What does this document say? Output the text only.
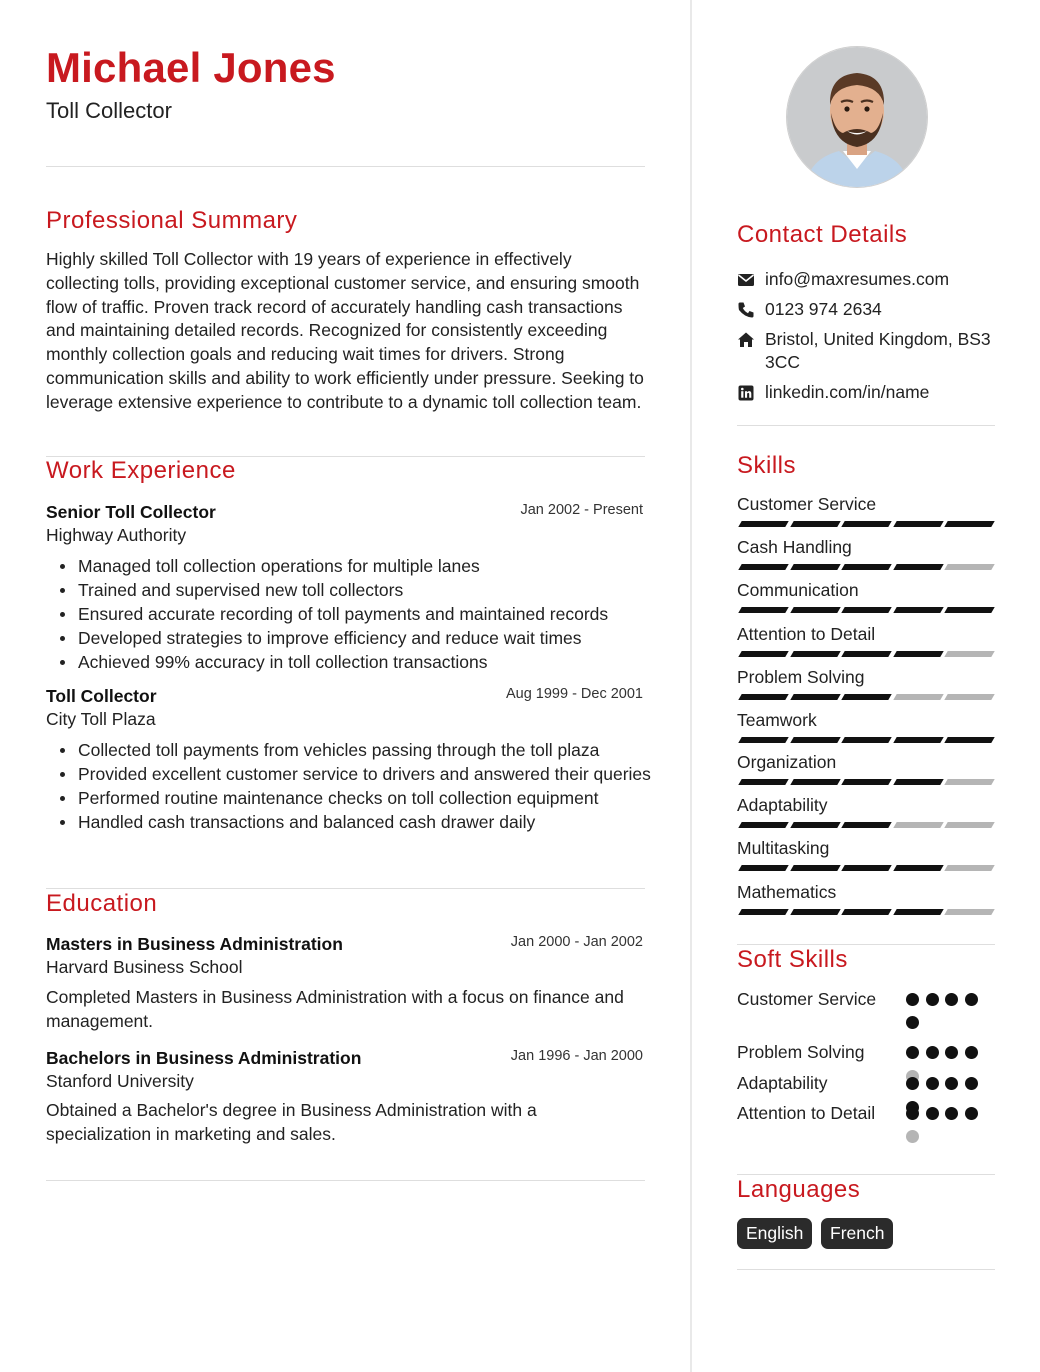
Michael Jones
Toll Collector
Professional Summary
Highly skilled Toll Collector with 19 years of experience in effectively collecting tolls, providing exceptional customer service, and ensuring smooth flow of traffic. Proven track record of accurately handling cash transactions and maintaining detailed records. Recognized for consistently exceeding monthly collection goals and reducing wait times for drivers. Strong communication skills and ability to work efficiently under pressure. Seeking to leverage extensive experience to contribute to a dynamic toll collection team.
Work Experience
Senior Toll Collector	Jan 2002 - Present
Highway Authority
Managed toll collection operations for multiple lanes
Trained and supervised new toll collectors
Ensured accurate recording of toll payments and maintained records
Developed strategies to improve efficiency and reduce wait times
Achieved 99% accuracy in toll collection transactions
Toll Collector	Aug 1999 - Dec 2001
City Toll Plaza
Collected toll payments from vehicles passing through the toll plaza
Provided excellent customer service to drivers and answered their queries
Performed routine maintenance checks on toll collection equipment
Handled cash transactions and balanced cash drawer daily
Education
Masters in Business Administration	Jan 2000 - Jan 2002
Harvard Business School
Completed Masters in Business Administration with a focus on finance and management.
Bachelors in Business Administration	Jan 1996 - Jan 2000
Stanford University
Obtained a Bachelor's degree in Business Administration with a specialization in marketing and sales.
Contact Details
info@maxresumes.com
0123 974 2634
Bristol, United Kingdom, BS3 3CC
linkedin.com/in/name
Skills
Customer Service
Cash Handling
Communication
Attention to Detail
Problem Solving
Teamwork
Organization
Adaptability
Multitasking
Mathematics
Soft Skills
Customer Service
Problem Solving
Adaptability
Attention to Detail
Languages
English	French
